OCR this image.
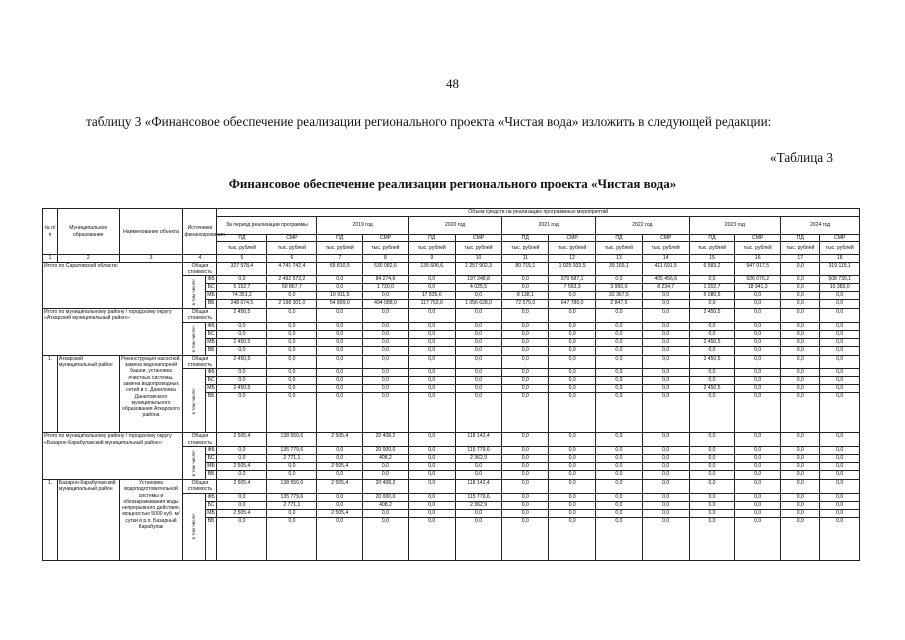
48
таблицу 3 «Финансовое обеспечение реализации регионального проекта «Чистая вода» изложить в следующей редакции:
«Таблица 3
Финансовое обеспечение реализации регионального проекта «Чистая вода»
№ п/п	Муниципальное образование	Наименование объекта	Источники финансирования		Объем средств на реализацию программных мероприятий													
					За период реализации программы		2019 год		2020 год		2021 год		2022 год		2023 год		2024 год	
					ПД	СМР	ПД	СМР	ПД	СМР	ПД	СМР	ПД	СМР	ПД	СМР	ПД	СМР
					тыс. рублей	тыс. рублей	тыс. рублей	тыс. рублей	тыс. рублей	тыс. рублей	тыс. рублей	тыс. рублей	тыс. рублей	тыс. рублей	тыс. рублей	тыс. рублей	тыс. рублей	тыс. рублей
1	2	3	4		5	6	7	8	9	10	11	12	13	14	15	16	17	18
Итого по Саратовской области:			Общая стоимость		327 578,4	4 741 742,4	65 810,5	530 082,6	135 606,6	1 257 902,3	80 715,1	1 025 933,5	39 165,1	411 691,5	6 583,2	947 017,5	0,0	319 115,1

			в том числе:	ФБ	0,0	2 492 573,2	0,0	84 274,6	0,0	197 248,8	0,0	370 587,1	0,0	405 456,6	0,0	926 076,2	0,0	508 730,1
				БС	5 152,7	50 867,7	0,0	1 720,0	0,0	4 025,5	0,0	7 563,3	3 950,0	8 234,7	1 202,7	18 941,3	0,0	10 383,0
				МБ	74 351,2	0,0	10 911,5	0,0	17 835,6	0,0	8 138,1	0,0	32 367,5	0,0	5 080,5	0,0	0,0	0,0
				ВБ	248 074,5	2 198 301,0	54 899,0	494 088,0	117 763,0	1 056 628,0	72 575,0	647 785,0	2 847,5	0,0	0,0	0,0	0,0	0,0
Итого по муниципальному району / городскому округу «Аткарский муниципальный район»:			Общая стоимость		2 450,5	0,0	0,0	0,0	0,0	0,0	0,0	0,0	0,0	0,0	2 450,5	0,0	0,0	0,0

			в том числе:	ФБ	0,0	0,0	0,0	0,0	0,0	0,0	0,0	0,0	0,0	0,0	0,0	0,0	0,0	0,0
				БС	0,0	0,0	0,0	0,0	0,0	0,0	0,0	0,0	0,0	0,0	0,0	0,0	0,0	0,0
				МБ	2 450,5	0,0	0,0	0,0	0,0	0,0	0,0	0,0	0,0	0,0	2 450,5	0,0	0,0	0,0
				ВБ	0,0	0,0	0,0	0,0	0,0	0,0	0,0	0,0	0,0	0,0	0,0	0,0	0,0	0,0
1.	Аткарский муниципальный район	Реконструкция насосной, замена водонапорной башни, установка очистных системы, замена водопроводных сетей в с. Даниловка Даниловского муниципального образования Аткарского района	Общая стоимость		2 450,5	0,0	0,0	0,0	0,0	0,0	0,0	0,0	0,0	0,0	2 450,5	0,0	0,0	0,0

			в том числе:	ФБ	0,0	0,0	0,0	0,0	0,0	0,0	0,0	0,0	0,0	0,0	0,0	0,0	0,0	0,0
				БС	0,0	0,0	0,0	0,0	0,0	0,0	0,0	0,0	0,0	0,0	0,0	0,0	0,0	0,0
				МБ	2 450,5	0,0	0,0	0,0	0,0	0,0	0,0	0,0	0,0	0,0	2 450,5	0,0	0,0	0,0
				ВБ	0,0	0,0	0,0	0,0	0,0	0,0	0,0	0,0	0,0	0,0	0,0	0,0	0,0	0,0
Итого по муниципальному району / городскому округу «Базарно-Карабулакский муниципальный район»:			Общая стоимость		2 505,4	138 550,6	2 505,4	20 408,2	0,0	118 142,4	0,0	0,0	0,0	0,0	0,0	0,0	0,0	0,0

			в том числе:	ФБ	0,0	135 779,6	0,0	20 000,0	0,0	115 779,6	0,0	0,0	0,0	0,0	0,0	0,0	0,0	0,0
				БС	0,0	2 771,1	0,0	408,2	0,0	2 362,9	0,0	0,0	0,0	0,0	0,0	0,0	0,0	0,0
				МБ	2 505,4	0,0	2 505,4	0,0	0,0	0,0	0,0	0,0	0,0	0,0	0,0	0,0	0,0	0,0
				ВБ	0,0	0,0	0,0	0,0	0,0	0,0	0,0	0,0	0,0	0,0	0,0	0,0	0,0	0,0
1.	Базарно-Карабулакский муниципальный район	Установка водоподготовительной системы и обеззараживания воды непрерывного действия, мощностью 5000 куб. м/сутки в р.п. Базарный Карабулак	Общая стоимость		2 505,4	138 550,6	2 505,4	20 408,2	0,0	118 142,4	0,0	0,0	0,0	0,0	0,0	0,0	0,0	0,0

			в том числе:	ФБ	0,0	135 779,6	0,0	20 000,0	0,0	115 779,6	0,0	0,0	0,0	0,0	0,0	0,0	0,0	0,0
				БС	0,0	2 771,1	0,0	408,2	0,0	2 362,9	0,0	0,0	0,0	0,0	0,0	0,0	0,0	0,0
				МБ	2 505,4	0,0	2 505,4	0,0	0,0	0,0	0,0	0,0	0,0	0,0	0,0	0,0	0,0	0,0
				ВБ	0,0	0,0	0,0	0,0	0,0	0,0	0,0	0,0	0,0	0,0	0,0	0,0	0,0	0,0
